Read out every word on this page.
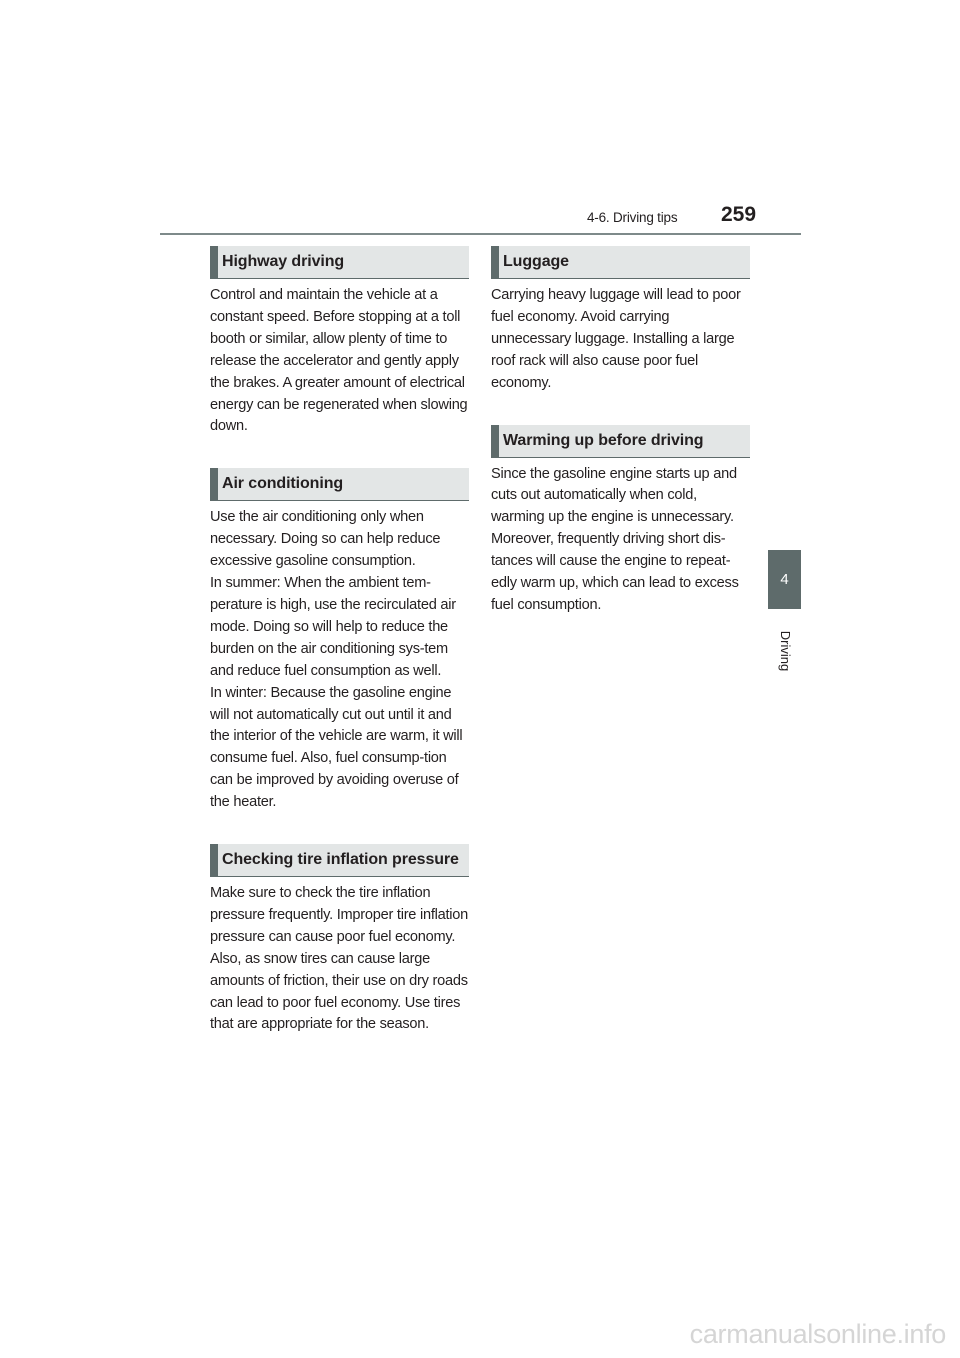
4-6. Driving tips 259
4
Driving
Highway driving

Control and maintain the vehicle at a constant speed. Before stopping at a toll booth or similar, allow plenty of time to release the accelerator and gently apply the brakes. A greater amount of electrical energy can be regenerated when slowing down.

Air conditioning

Use the air conditioning only when necessary. Doing so can help reduce excessive gasoline consumption.

In summer: When the ambient tem-perature is high, use the recirculated air mode. Doing so will help to reduce the burden on the air conditioning sys-tem and reduce fuel consumption as well.

In winter: Because the gasoline engine will not automatically cut out until it and the interior of the vehicle are warm, it will consume fuel. Also, fuel consump-tion can be improved by avoiding overuse of the heater.

Checking tire inflation pressure

Make sure to check the tire inflation pressure frequently. Improper tire inflation pressure can cause poor fuel economy.

Also, as snow tires can cause large amounts of friction, their use on dry roads can lead to poor fuel economy. Use tires that are appropriate for the season.

Luggage

Carrying heavy luggage will lead to poor fuel economy. Avoid carrying unnecessary luggage. Installing a large roof rack will also cause poor fuel economy.

Warming up before driving

Since the gasoline engine starts up and cuts out automatically when cold, warming up the engine is unnecessary. Moreover, frequently driving short dis-tances will cause the engine to repeat-edly warm up, which can lead to excess fuel consumption.

carmanualsonline.info
